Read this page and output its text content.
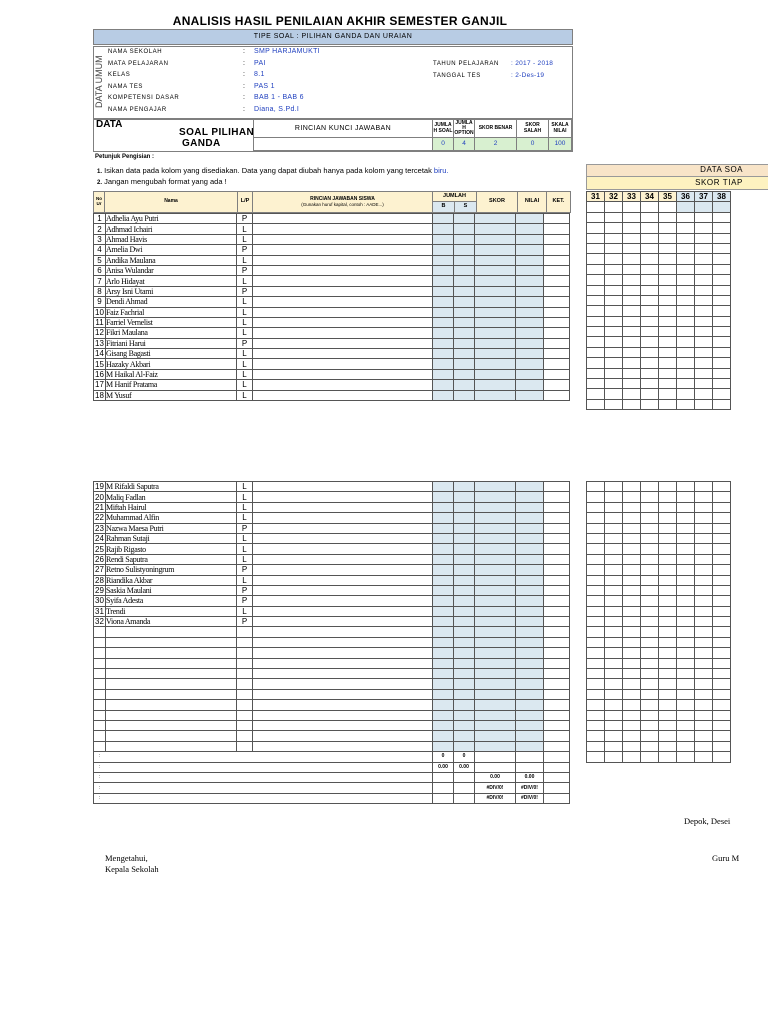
ANALISIS HASIL PENILAIAN AKHIR SEMESTER GANJIL
TIPE SOAL : PILIHAN GANDA DAN URAIAN
DATA UMUM
NAMA SEKOLAH	: SMP HARJAMUKTI
MATA PELAJARAN	: PAI
KELAS	: 8.1
NAMA TES	: PAS 1
KOMPETENSI DASAR	: BAB 1 - BAB 6
NAMA PENGAJAR	: Diana, S.Pd.I
TAHUN PELAJARAN : 2017 - 2018
TANGGAL TES	: 2-Des-19
DATA
SOAL PILIHAN
GANDA
RINCIAN KUNCI JAWABAN	JUMLA H SOAL
JUMLA H OPTION
SKOR BENAR	SKOR SALAH
SKALA NILAI
0	4	2	0	100
Petunjuk Pengisian :
1. Isikan data pada kolom yang disediakan. Data yang dapat diubah hanya pada kolom yang tercetak biru.
2. Jangan mengubah format yang ada !
No Ur	Nama	L/P	RINCIAN JAWABAN SISWA
(Gunakan huruf kapital, contoh : AADE...)
JUMLAH
B	S
SKOR	NILAI	KET.
1	Adhelia Ayu Putri	P						
2	Adhmad Ichairi	L						
3	Ahmad Havis	L						
4	Amelia Dwi	P						
5	Andika Maulana	L						
6	Anisa Wulandar	P						
7	Arlo Hidayat	L						
8	Arsy Isni Utami	P						
9	Dendi Ahmad	L						
10	Faiz Fachrial	L						
11	Farriel Vernelist	L						
12	Fikri Maulana	L						
13	Fitriani Harui	P						
14	Gisang Bagasti	L						
15	Hazaky Akbari	L						
16	M Haikal Al-Faiz	L						
17	M Hanif Pratama	L						
18	M Yusuf	L						
19	M Rifaldi Saputra	L						
20	Maliq Fadlan	L						
21	Miftah Hairul	L						
22	Muhammad Alfin	L						
23	Nazwa Maesa Putri	P						
24	Rahman Sutaji	L						
25	Rajib Rigasto	L						
26	Rendi Saputra	L						
27	Retno Sulistyoningrum	P						
28	Riandika Akbar	L						
29	Saskia Maulani	P						
30	Syifa Adesta	P						
31	Trendi	L						
32	Viona Amanda	P						

:				0	0			
:				0.00	0.00			
:						0.00	0.00	
:						#DIV/0!	#DIV/0!	
:						#DIV/0!	#DIV/0!	
DATA SOA
SKOR TIAP
31	32	33	34	35	36	37	38

Depok, Desei
Mengetahui,
Kepala Sekolah
Guru M
